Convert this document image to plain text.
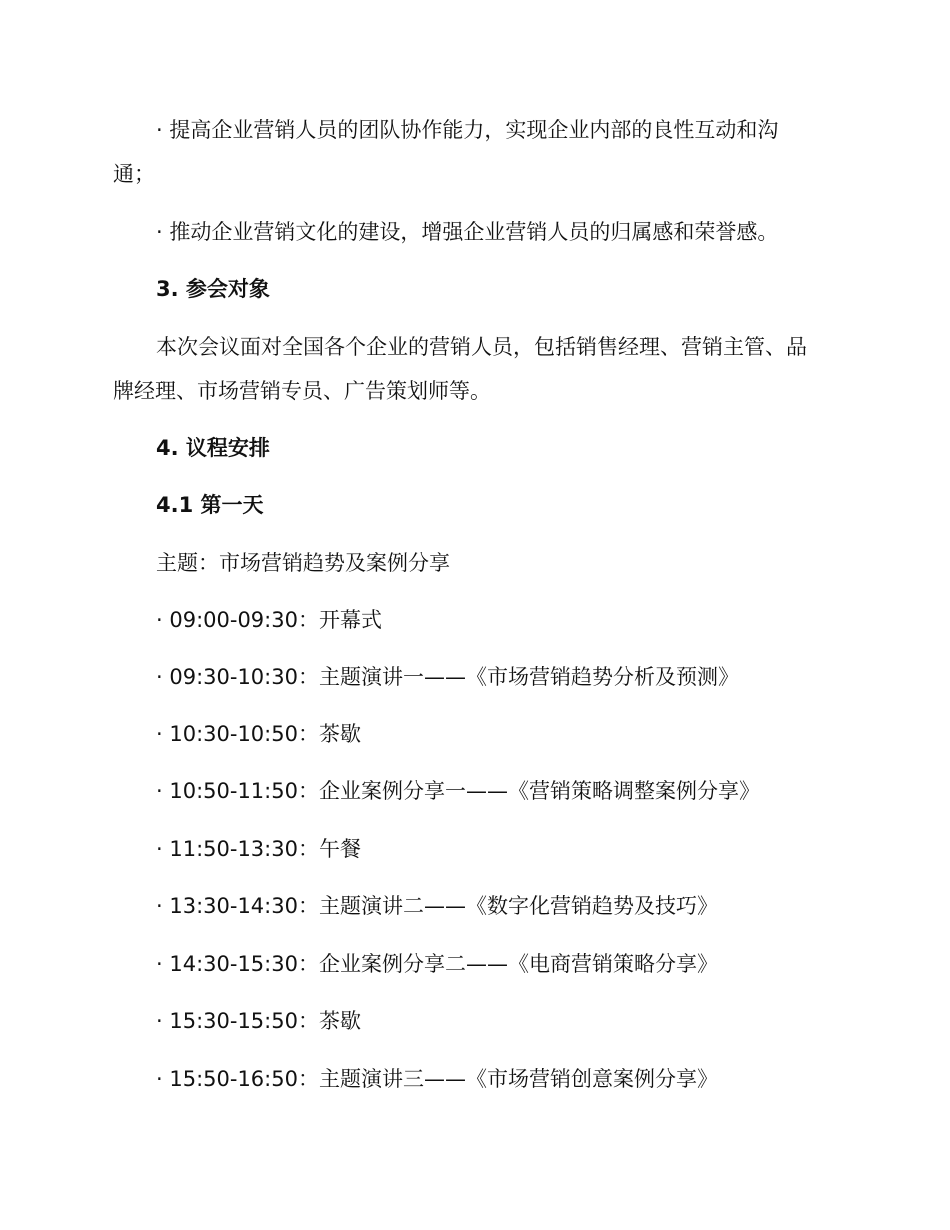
· 提高企业营销人员的团队协作能力，实现企业内部的良性互动和沟
通；
· 推动企业营销文化的建设，增强企业营销人员的归属感和荣誉感。
3. 参会对象
本次会议面对全国各个企业的营销人员，包括销售经理、营销主管、品
牌经理、市场营销专员、广告策划师等。
4. 议程安排
4.1 第一天
主题：市场营销趋势及案例分享
· 09:00-09:30：开幕式
· 09:30-10:30：主题演讲一——《市场营销趋势分析及预测》
· 10:30-10:50：茶歇
· 10:50-11:50：企业案例分享一——《营销策略调整案例分享》
· 11:50-13:30：午餐
· 13:30-14:30：主题演讲二——《数字化营销趋势及技巧》
· 14:30-15:30：企业案例分享二——《电商营销策略分享》
· 15:30-15:50：茶歇
· 15:50-16:50：主题演讲三——《市场营销创意案例分享》
